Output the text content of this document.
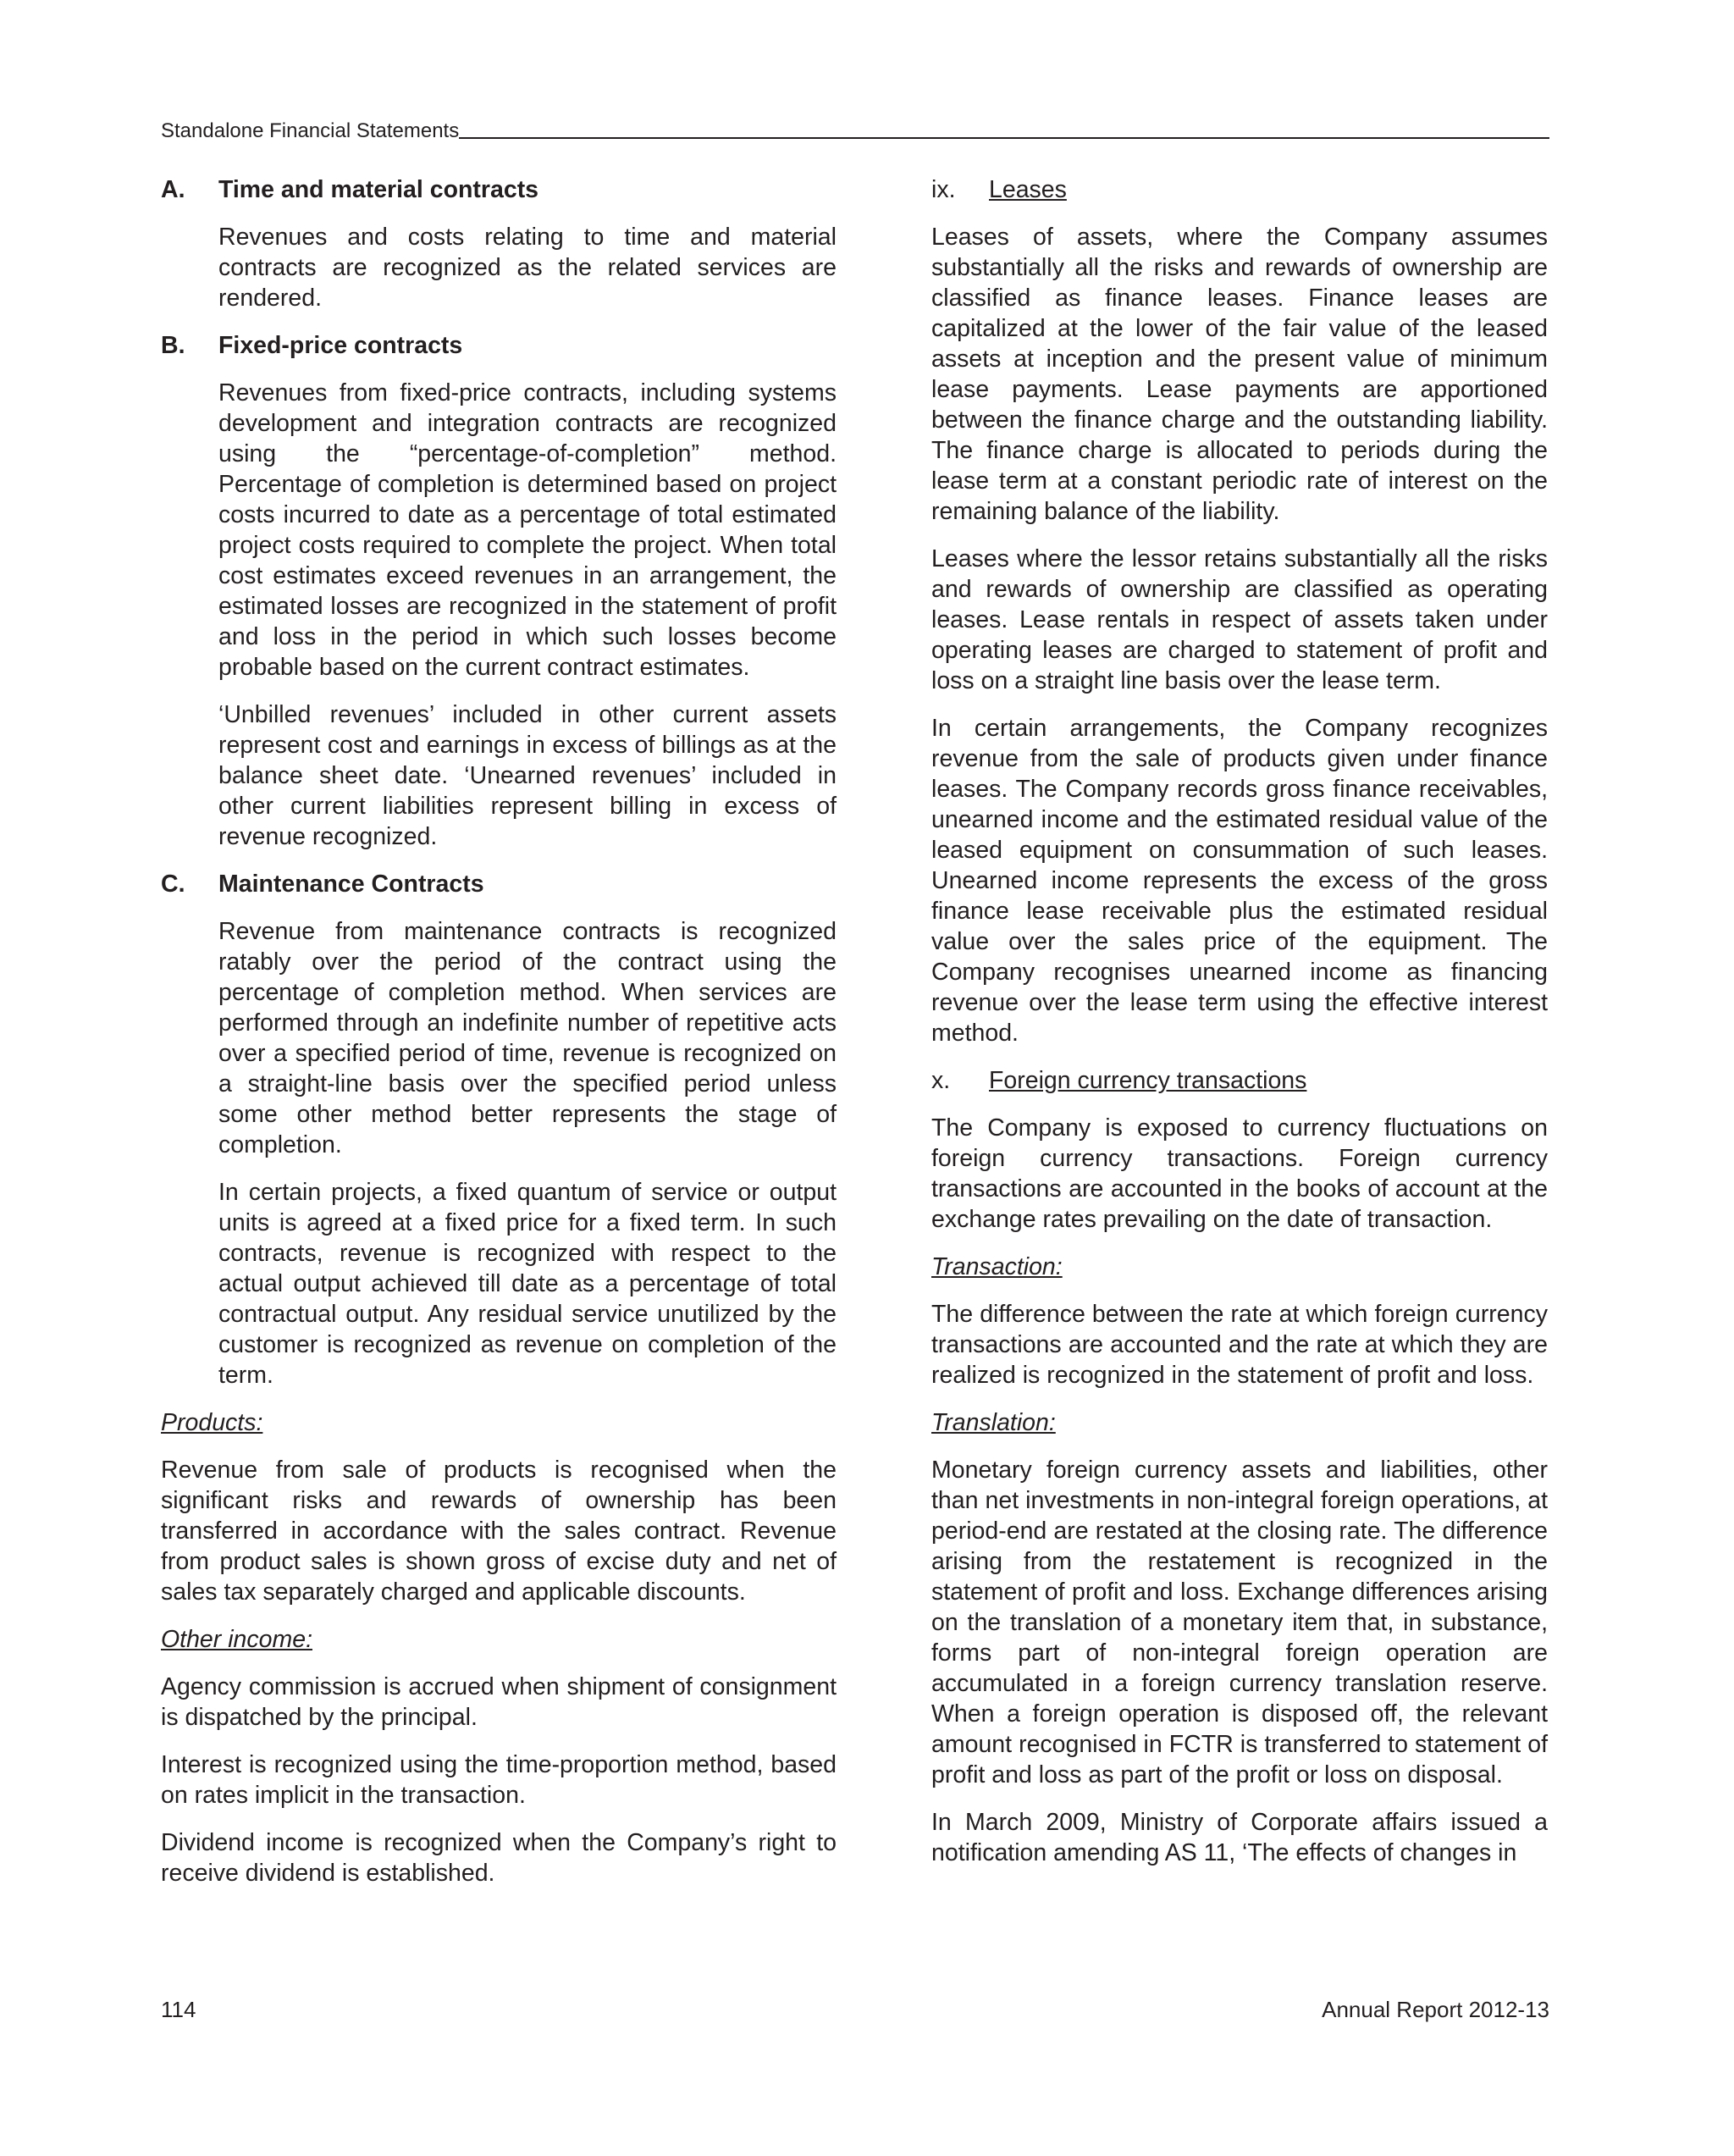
Standalone Financial Statements
A.	Time and material contracts

Revenues and costs relating to time and material contracts are recognized as the related services are rendered.

B.	Fixed-price contracts

Revenues from fixed-price contracts, including systems development and integration contracts are recognized using the “percentage-of-completion” method. Percentage of completion is determined based on project costs incurred to date as a percentage of total estimated project costs required to complete the project. When total cost estimates exceed revenues in an arrangement, the estimated losses are recognized in the statement of profit and loss in the period in which such losses become probable based on the current contract estimates.

‘Unbilled revenues’ included in other current assets represent cost and earnings in excess of billings as at the balance sheet date. ‘Unearned revenues’ included in other current liabilities represent billing in excess of revenue recognized.

C.	Maintenance Contracts

Revenue from maintenance contracts is recognized ratably over the period of the contract using the percentage of completion method. When services are performed through an indefinite number of repetitive acts over a specified period of time, revenue is recognized on a straight-line basis over the specified period unless some other method better represents the stage of completion.

In certain projects, a fixed quantum of service or output units is agreed at a fixed price for a fixed term. In such contracts, revenue is recognized with respect to the actual output achieved till date as a percentage of total contractual output. Any residual service unutilized by the customer is recognized as revenue on completion of the term.

Products:

Revenue from sale of products is recognised when the significant risks and rewards of ownership has been transferred in accordance with the sales contract. Revenue from product sales is shown gross of excise duty and net of sales tax separately charged and applicable discounts.

Other income:

Agency commission is accrued when shipment of consignment is dispatched by the principal.

Interest is recognized using the time-proportion method, based on rates implicit in the transaction.

Dividend income is recognized when the Company’s right to receive dividend is established.

ix.	Leases

Leases of assets, where the Company assumes substantially all the risks and rewards of ownership are classified as finance leases. Finance leases are capitalized at the lower of the fair value of the leased assets at inception and the present value of minimum lease payments. Lease payments are apportioned between the finance charge and the outstanding liability. The finance charge is allocated to periods during the lease term at a constant periodic rate of interest on the remaining balance of the liability.

Leases where the lessor retains substantially all the risks and rewards of ownership are classified as operating leases. Lease rentals in respect of assets taken under operating leases are charged to statement of profit and loss on a straight line basis over the lease term.

In certain arrangements, the Company recognizes revenue from the sale of products given under finance leases. The Company records gross finance receivables, unearned income and the estimated residual value of the leased equipment on consummation of such leases. Unearned income represents the excess of the gross finance lease receivable plus the estimated residual value over the sales price of the equipment. The Company recognises unearned income as financing revenue over the lease term using the effective interest method.

x.	Foreign currency transactions

The Company is exposed to currency fluctuations on foreign currency transactions. Foreign currency transactions are accounted in the books of account at the exchange rates prevailing on the date of transaction.

Transaction:

The difference between the rate at which foreign currency transactions are accounted and the rate at which they are realized is recognized in the statement of profit and loss.

Translation:

Monetary foreign currency assets and liabilities, other than net investments in non-integral foreign operations, at period-end are restated at the closing rate. The difference arising from the restatement is recognized in the statement of profit and loss. Exchange differences arising on the translation of a monetary item that, in substance, forms part of non-integral foreign operation are accumulated in a foreign currency translation reserve. When a foreign operation is disposed off, the relevant amount recognised in FCTR is transferred to statement of profit and loss as part of the profit or loss on disposal.

In March 2009, Ministry of Corporate affairs issued a notification amending AS 11, ‘The effects of changes in

114	Annual Report 2012-13
